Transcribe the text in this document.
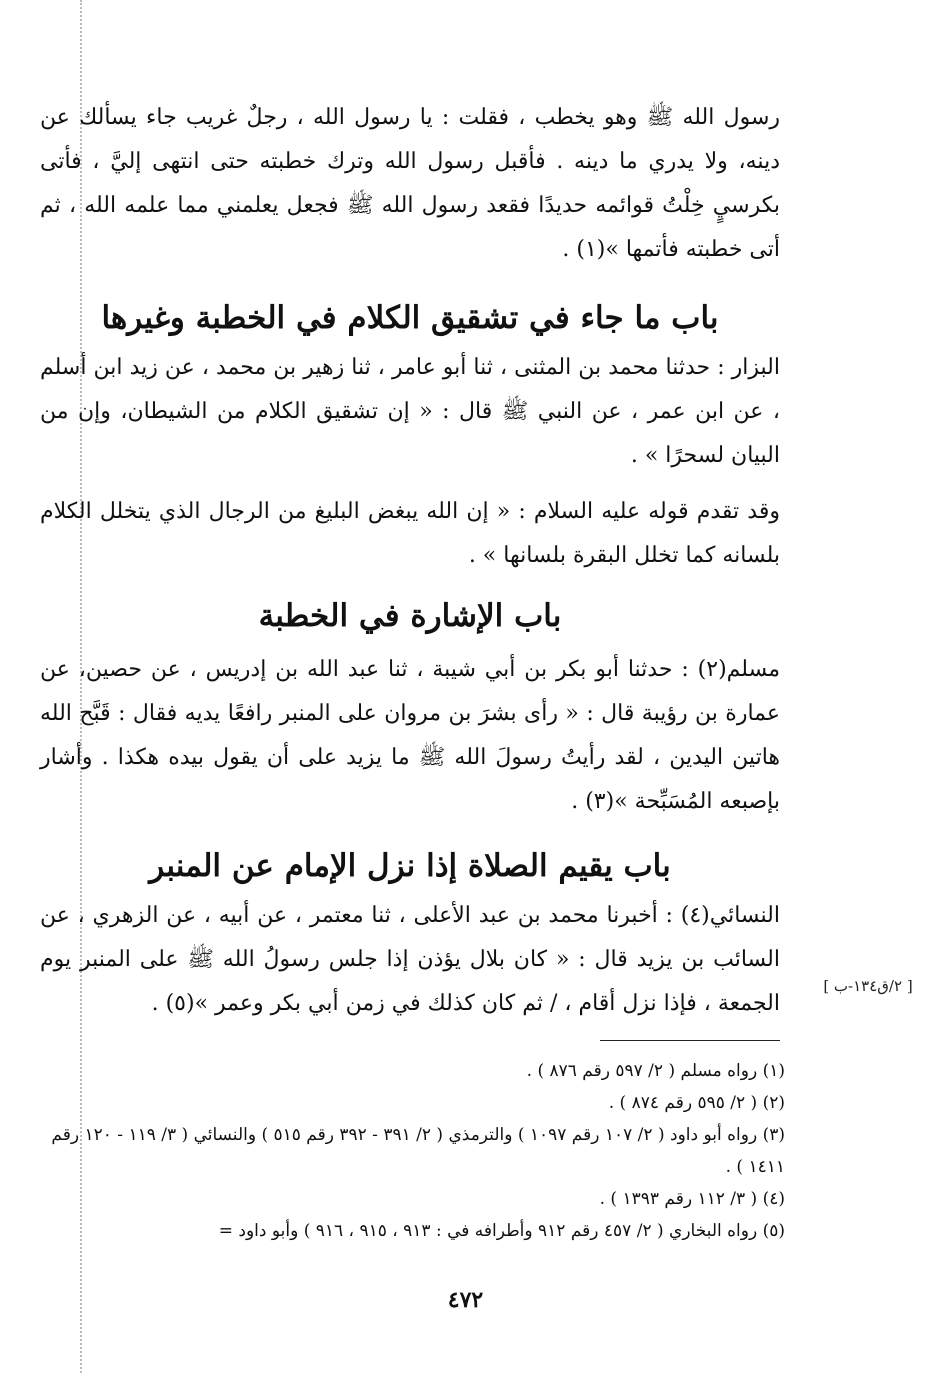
رسول الله ﷺ وهو يخطب ، فقلت : يا رسول الله ، رجلٌ غريب جاء يسألك عن دينه، ولا يدري ما دينه . فأقبل رسول الله وترك خطبته حتى انتهى إليَّ ، فأتى بكرسيٍ خِلْتُ قوائمه حديدًا فقعد رسول الله ﷺ فجعل يعلمني مما علمه الله ، ثم أتى خطبته فأتمها »(١) .

باب ما جاء في تشقيق الكلام في الخطبة وغيرها

البزار : حدثنا محمد بن المثنى ، ثنا أبو عامر ، ثنا زهير بن محمد ، عن زيد ابن أسلم ، عن ابن عمر ، عن النبي ﷺ قال : « إن تشقيق الكلام من الشيطان، وإن من البيان لسحرًا » .

وقد تقدم قوله عليه السلام : « إن الله يبغض البليغ من الرجال الذي يتخلل الكلام بلسانه كما تخلل البقرة بلسانها » .

باب الإشارة في الخطبة

مسلم(٢) : حدثنا أبو بكر بن أبي شيبة ، ثنا عبد الله بن إدريس ، عن حصين، عن عمارة بن رؤيبة قال : « رأى بشرَ بن مروان على المنبر رافعًا يديه فقال : قَبَّح الله هاتين اليدين ، لقد رأيتُ رسولَ الله ﷺ ما يزيد على أن يقول بيده هكذا . وأشار بإصبعه المُسَبِّحة »(٣) .

باب يقيم الصلاة إذا نزل الإمام عن المنبر

النسائي(٤) : أخبرنا محمد بن عبد الأعلى ، ثنا معتمر ، عن أبيه ، عن الزهري ، عن السائب بن يزيد قال : « كان بلال يؤذن إذا جلس رسولُ الله ﷺ على المنبر يوم الجمعة ، فإذا نزل أقام ، / ثم كان كذلك في زمن أبي بكر وعمر »(٥) .

[ ٢/ق١٣٤-ب ]
(١) رواه مسلم ( ٢/ ٥٩٧ رقم ٨٧٦ ) .
(٢) ( ٢/ ٥٩٥ رقم ٨٧٤ ) .
(٣) رواه أبو داود ( ٢/ ١٠٧ رقم ١٠٩٧ ) والترمذي ( ٢/ ٣٩١ - ٣٩٢ رقم ٥١٥ ) والنسائي ( ٣/ ١١٩ - ١٢٠ رقم ١٤١١ ) .
(٤) ( ٣/ ١١٢ رقم ١٣٩٣ ) .
(٥) رواه البخاري ( ٢/ ٤٥٧ رقم ٩١٢ وأطرافه في : ٩١٣ ، ٩١٥ ، ٩١٦ ) وأبو داود =
٤٧٢
